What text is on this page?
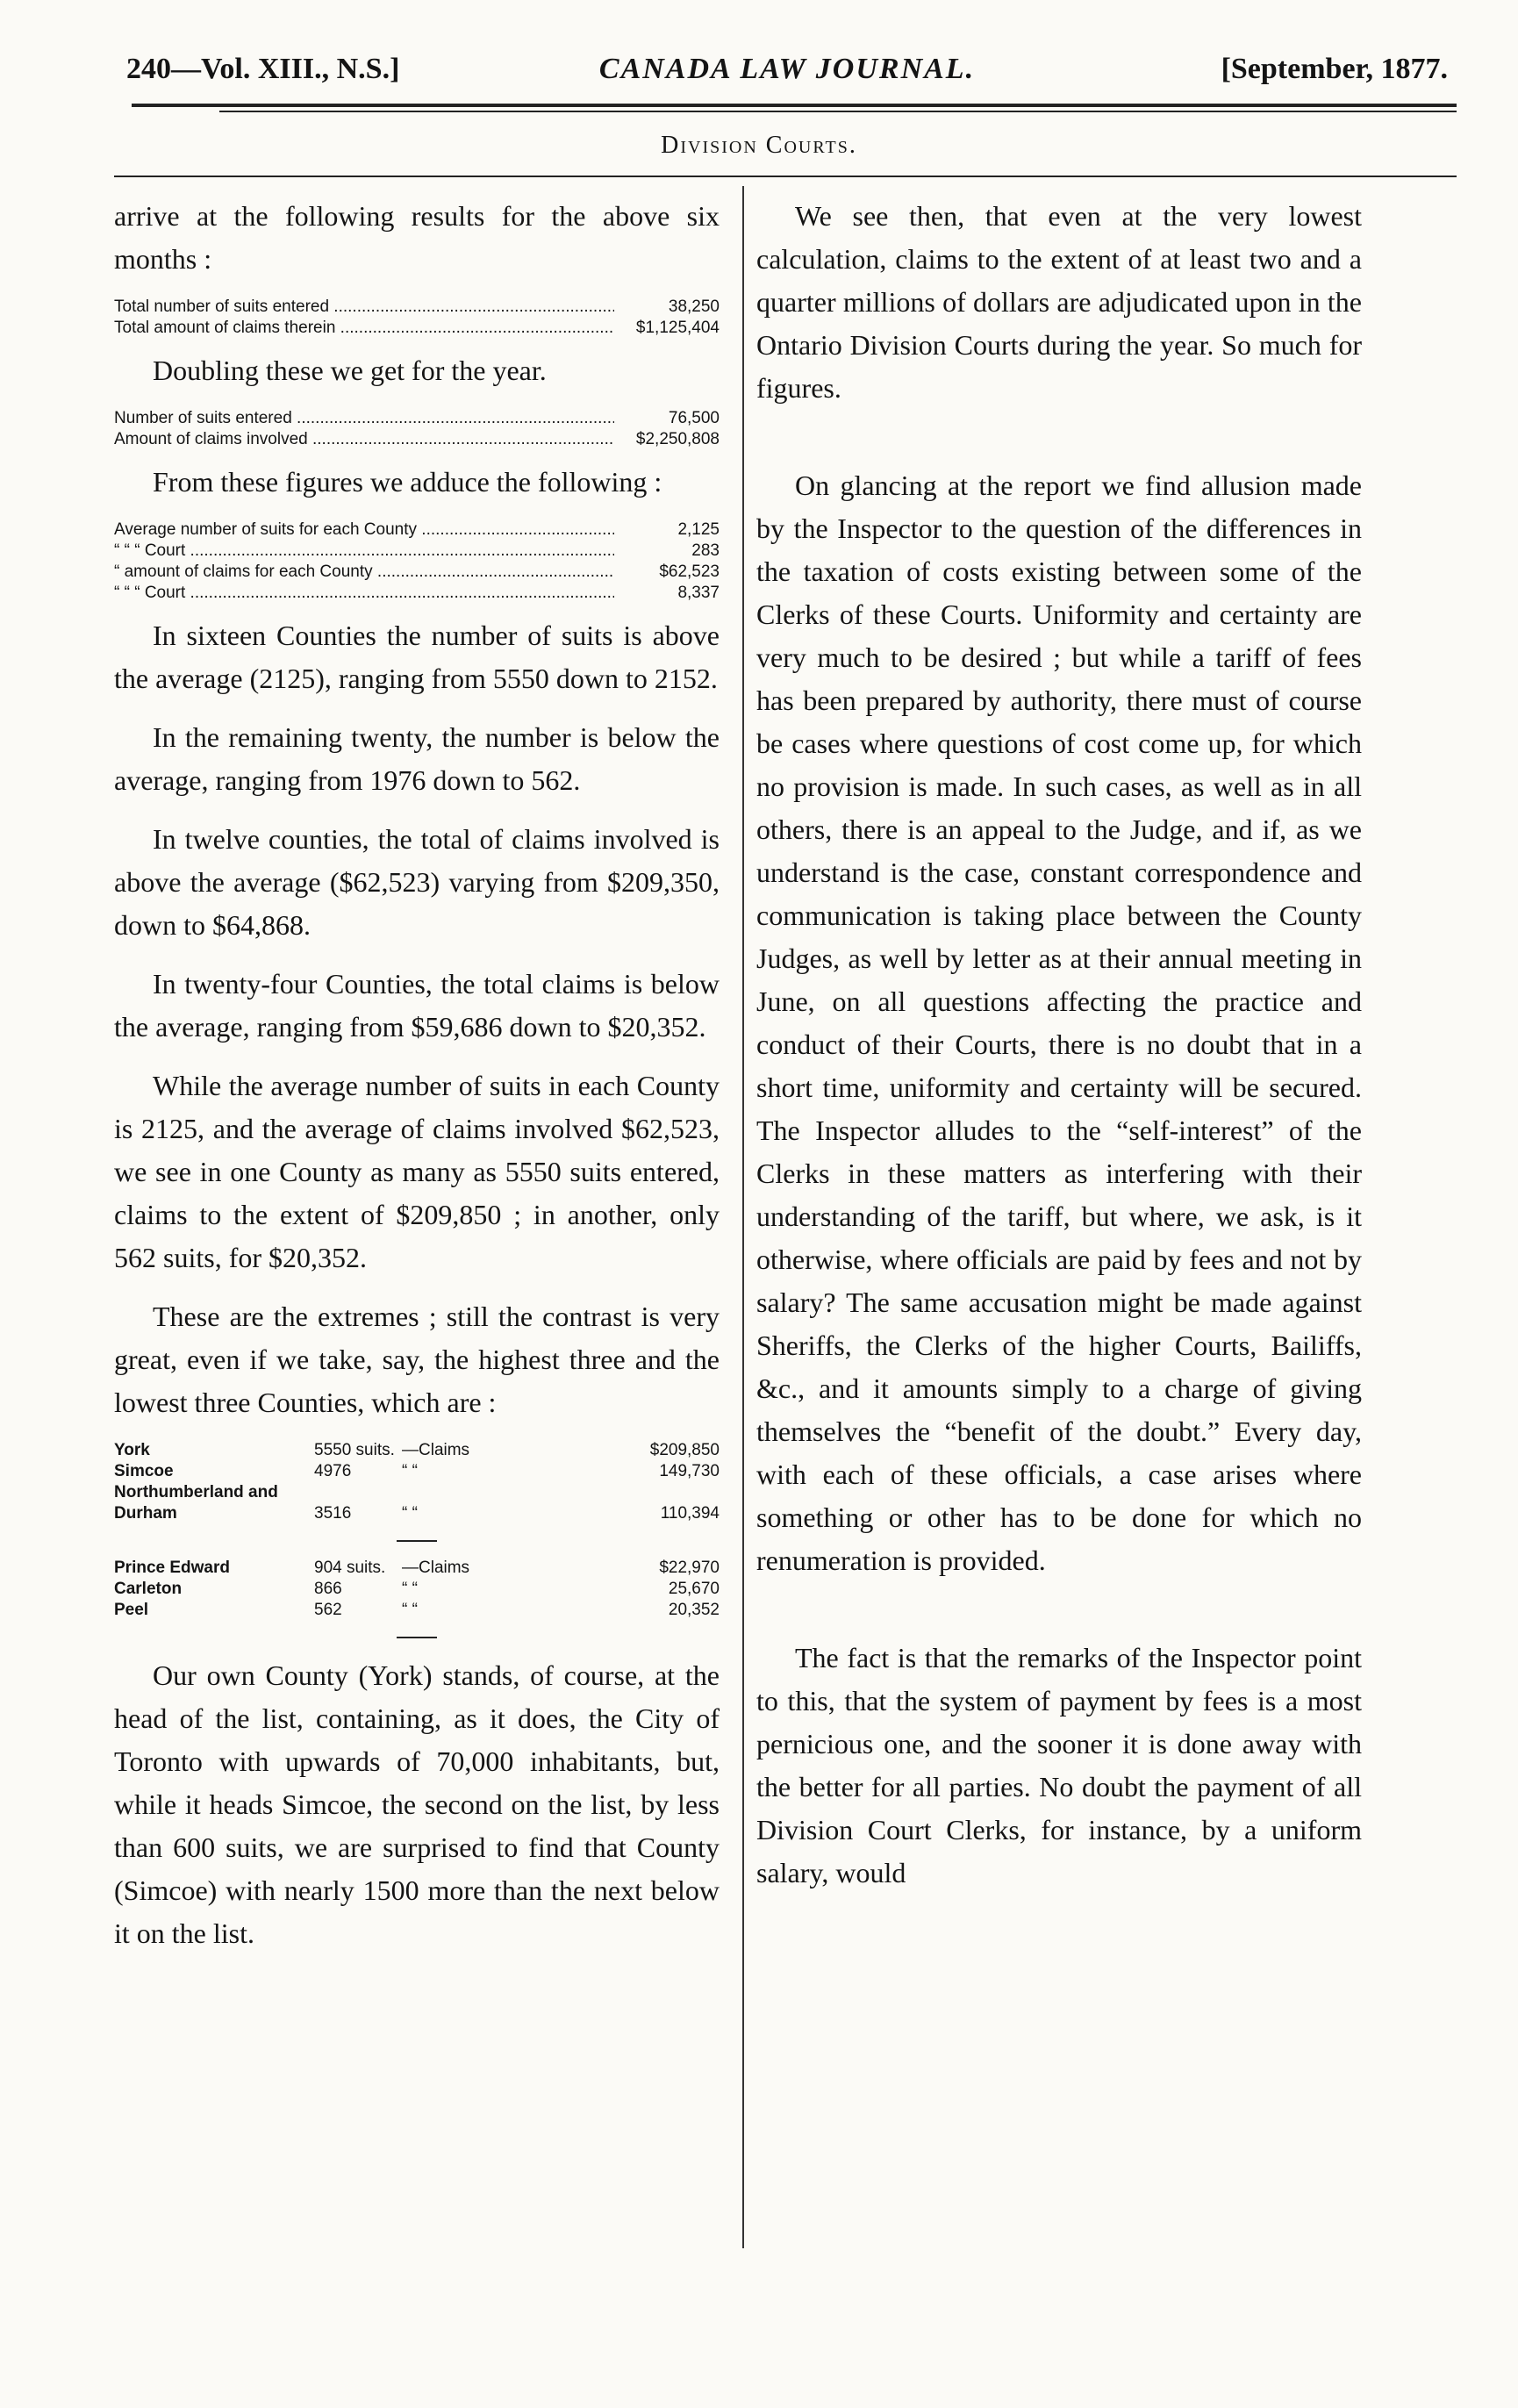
240—Vol. XIII., N.S.]	CANADA LAW JOURNAL.	[September, 1877.
Division Courts.

arrive at the following results for the above six months :

Total number of suits entered .....	38,250
Total amount of claims therein .....	$1,125,404

Doubling these we get for the year.

Number of suits entered .....	76,500
Amount of claims involved .....	$2,250,808

From these figures we adduce the following :

Average number of suits for each County .....	2,125
“ “ “ Court .....	283
“ amount of claims for each County .....	$62,523
“ “ “ Court .....	8,337

In sixteen Counties the number of suits is above the average (2125), ranging from 5550 down to 2152.

In the remaining twenty, the number is below the average, ranging from 1976 down to 562.

In twelve counties, the total of claims involved is above the average ($62,523) varying from $209,350, down to $64,868.

In twenty-four Counties, the total claims is below the average, ranging from $59,686 down to $20,352.

While the average number of suits in each County is 2125, and the average of claims involved $62,523, we see in one County as many as 5550 suits entered, claims to the extent of $209,850 ; in another, only 562 suits, for $20,352.

These are the extremes ; still the contrast is very great, even if we take, say, the highest three and the lowest three Counties, which are :

York	5550 suits.	—Claims	$209,850
Simcoe	4976	“ “	149,730
Northumberland and Durham	3516	“ “	110,394
Prince Edward	904 suits.	—Claims	$22,970
Carleton	866	“ “	25,670
Peel	562	“ “	20,352

Our own County (York) stands, of course, at the head of the list, containing, as it does, the City of Toronto with upwards of 70,000 inhabitants, but, while it heads Simcoe, the second on the list, by less than 600 suits, we are surprised to find that County (Simcoe) with nearly 1500 more than the next below it on the list.

We see then, that even at the very lowest calculation, claims to the extent of at least two and a quarter millions of dollars are adjudicated upon in the Ontario Division Courts during the year. So much for figures.

On glancing at the report we find allusion made by the Inspector to the question of the differences in the taxation of costs existing between some of the Clerks of these Courts. Uniformity and certainty are very much to be desired ; but while a tariff of fees has been prepared by authority, there must of course be cases where questions of cost come up, for which no provision is made. In such cases, as well as in all others, there is an appeal to the Judge, and if, as we understand is the case, constant correspondence and communication is taking place between the County Judges, as well by letter as at their annual meeting in June, on all questions affecting the practice and conduct of their Courts, there is no doubt that in a short time, uniformity and certainty will be secured. The Inspector alludes to the “self-interest” of the Clerks in these matters as interfering with their understanding of the tariff, but where, we ask, is it otherwise, where officials are paid by fees and not by salary? The same accusation might be made against Sheriffs, the Clerks of the higher Courts, Bailiffs, &c., and it amounts simply to a charge of giving themselves the “benefit of the doubt.” Every day, with each of these officials, a case arises where something or other has to be done for which no renumeration is provided.

The fact is that the remarks of the Inspector point to this, that the system of payment by fees is a most pernicious one, and the sooner it is done away with the better for all parties. No doubt the payment of all Division Court Clerks, for instance, by a uniform salary, would
